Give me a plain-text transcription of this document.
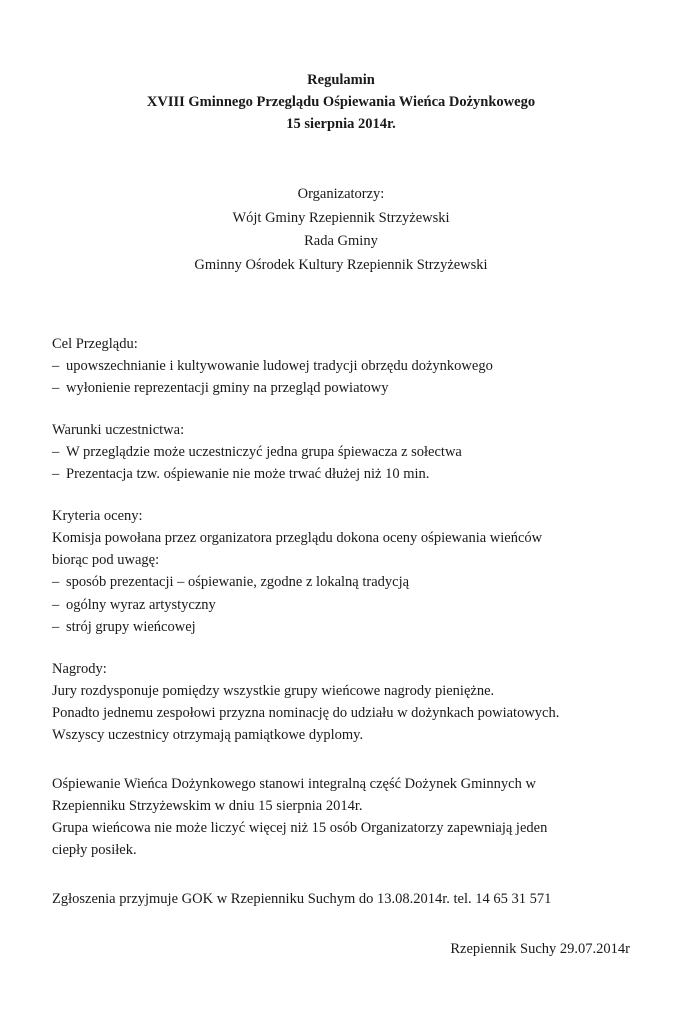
Regulamin
XVIII Gminnego Przeglądu Ośpiewania Wieńca Dożynkowego
15 sierpnia 2014r.
Organizatorzy:
Wójt Gminy Rzepiennik Strzyżewski
Rada Gminy
Gminny Ośrodek Kultury Rzepiennik Strzyżewski
Cel Przeglądu:
– upowszechnianie i kultywowanie ludowej tradycji obrzędu dożynkowego
– wyłonienie reprezentacji gminy na przegląd powiatowy
Warunki uczestnictwa:
– W przeglądzie może uczestniczyć jedna grupa śpiewacza z sołectwa
– Prezentacja tzw. ośpiewanie nie może trwać dłużej niż 10 min.
Kryteria oceny:
Komisja powołana przez organizatora przeglądu dokona oceny ośpiewania wieńców
biorąc pod uwagę:
– sposób prezentacji – ośpiewanie, zgodne z lokalną tradycją
– ogólny wyraz artystyczny
– strój grupy wieńcowej
Nagrody:
Jury rozdysponuje pomiędzy wszystkie grupy wieńcowe nagrody pieniężne.
Ponadto jednemu zespołowi przyzna nominację do udziału w dożynkach powiatowych.
Wszyscy uczestnicy otrzymają pamiątkowe dyplomy.
Ośpiewanie Wieńca Dożynkowego stanowi integralną część Dożynek Gminnych w
Rzepienniku Strzyżewskim w dniu 15 sierpnia 2014r.
Grupa wieńcowa nie może liczyć więcej niż 15 osób Organizatorzy zapewniają jeden
ciepły posiłek.
Zgłoszenia przyjmuje GOK w Rzepienniku Suchym do 13.08.2014r. tel. 14 65 31 571
Rzepiennik Suchy 29.07.2014r
